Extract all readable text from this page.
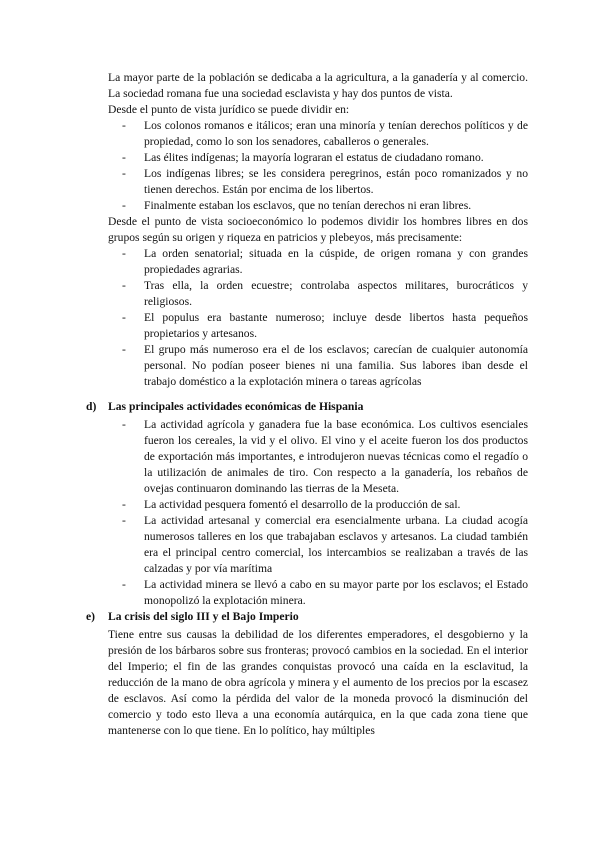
La mayor parte de la población se dedicaba a la agricultura, a la ganadería y al comercio. La sociedad romana fue una sociedad esclavista y hay dos puntos de vista.

Desde el punto de vista jurídico se puede dividir en:

- Los colonos romanos e itálicos; eran una minoría y tenían derechos políticos y de propiedad, como lo son los senadores, caballeros o generales.
- Las élites indígenas; la mayoría lograran el estatus de ciudadano romano.
- Los indígenas libres; se les considera peregrinos, están poco romanizados y no tienen derechos. Están por encima de los libertos.
- Finalmente estaban los esclavos, que no tenían derechos ni eran libres.

Desde el punto de vista socioeconómico lo podemos dividir los hombres libres en dos grupos según su origen y riqueza en patricios y plebeyos, más precisamente:

- La orden senatorial; situada en la cúspide, de origen romana y con grandes propiedades agrarias.
- Tras ella, la orden ecuestre; controlaba aspectos militares, burocráticos y religiosos.
- El populus era bastante numeroso; incluye desde libertos hasta pequeños propietarios y artesanos.
- El grupo más numeroso era el de los esclavos; carecían de cualquier autonomía personal. No podían poseer bienes ni una familia. Sus labores iban desde el trabajo doméstico a la explotación minera o tareas agrícolas
d) Las principales actividades económicas de Hispania
- La actividad agrícola y ganadera fue la base económica. Los cultivos esenciales fueron los cereales, la vid y el olivo. El vino y el aceite fueron los dos productos de exportación más importantes, e introdujeron nuevas técnicas como el regadío o la utilización de animales de tiro. Con respecto a la ganadería, los rebaños de ovejas continuaron dominando las tierras de la Meseta.
- La actividad pesquera fomentó el desarrollo de la producción de sal.
- La actividad artesanal y comercial era esencialmente urbana. La ciudad acogía numerosos talleres en los que trabajaban esclavos y artesanos. La ciudad también era el principal centro comercial, los intercambios se realizaban a través de las calzadas y por vía marítima
- La actividad minera se llevó a cabo en su mayor parte por los esclavos; el Estado monopolizó la explotación minera.
e) La crisis del siglo III y el Bajo Imperio

Tiene entre sus causas la debilidad de los diferentes emperadores, el desgobierno y la presión de los bárbaros sobre sus fronteras; provocó cambios en la sociedad. En el interior del Imperio; el fin de las grandes conquistas provocó una caída en la esclavitud, la reducción de la mano de obra agrícola y minera y el aumento de los precios por la escasez de esclavos. Así como la pérdida del valor de la moneda provocó la disminución del comercio y todo esto lleva a una economía autárquica, en la que cada zona tiene que mantenerse con lo que tiene. En lo político, hay múltiples
